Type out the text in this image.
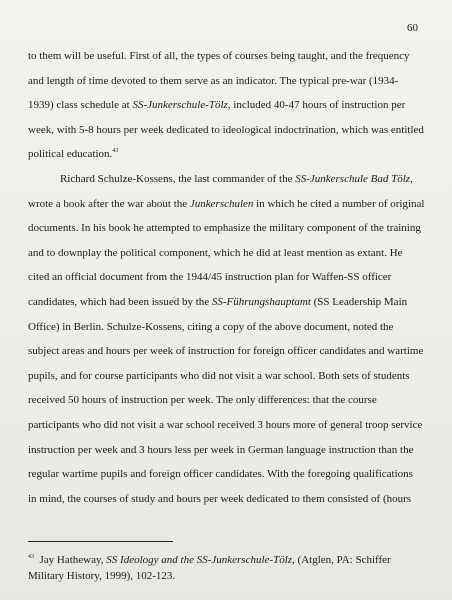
60

to them will be useful. First of all, the types of courses being taught, and the frequency
and length of time devoted to them serve as an indicator. The typical pre-war (1934-
1939) class schedule at SS-Junkerschule-Tölz, included 40-47 hours of instruction per
week, with 5-8 hours per week dedicated to ideological indoctrination, which was entitled
political education.$^{43}$

Richard Schulze-Kossens, the last commander of the SS-Junkerschule Bad Tölz,

wrote a book after the war about the Junkerschulen in which he cited a number of original
documents. In his book he attempted to emphasize the military component of the training
and to downplay the political component, which he did at least mention as extant. He
cited an official document from the 1944/45 instruction plan for Waffen-SS officer
candidates, which had been issued by the SS-Führungshauptamt (SS Leadership Main
Office) in Berlin. Schulze-Kossens, citing a copy of the above document, noted the
subject areas and hours per week of instruction for foreign officer candidates and wartime
pupils, and for course participants who did not visit a war school. Both sets of students
received 50 hours of instruction per week. The only differences: that the course
participants who did not visit a war school received 3 hours more of general troop service
instruction per week and 3 hours less per week in German language instruction than the
regular wartime pupils and foreign officer candidates. With the foregoing qualifications
in mind, the courses of study and hours per week dedicated to them consisted of (hours

$^{43}$ Jay Hatheway, SS Ideology and the SS-Junkerschule-Tölz, (Atglen, PA: Schiffer
Military History, 1999), 102-123.
